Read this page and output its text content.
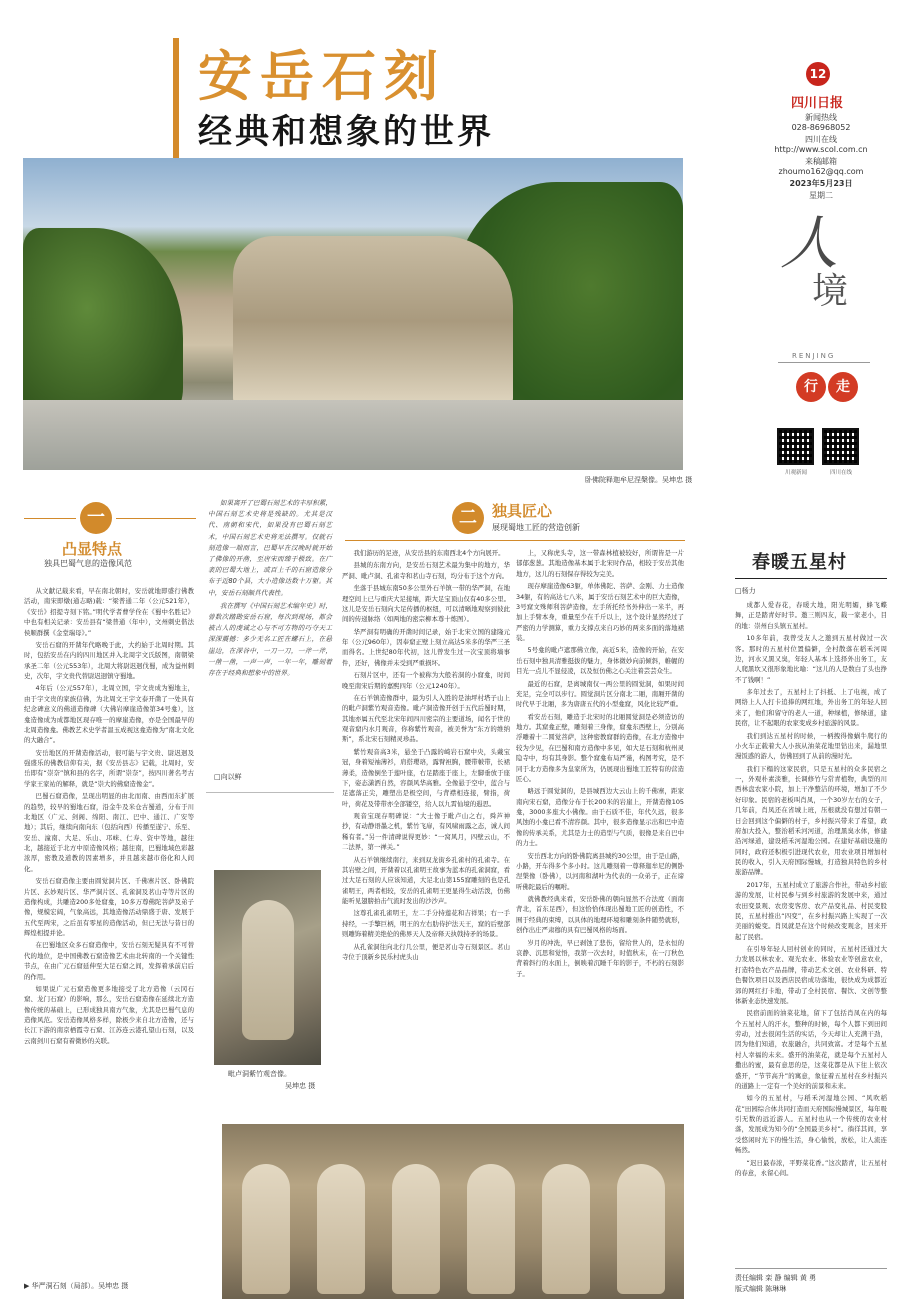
安岳石刻
经典和想象的世界
12
四川日报
新闻热线
028-86968052
四川在线
http://www.scol.com.cn
来稿邮箱
zhoumo162@qq.com
2023年5月23日
星期二
人
境
RENJING
行	走
川观新闻	四川在线
卧佛院释迦牟尼涅槃像。吴坤忠 摄
一
凸显特点
独具巴蜀气息的造像风范

从文献记载来看，早在南北朝时，安岳就地即盛行佛教活动，南宋即燉(通志略)载：“梁普通二年（公元521年），《安岳》招提寺刻下铭。”明代学者曹学佺在《蜀中名胜记》中也有相关记录：安岳县有“梁普通（年中），文州刺史偕法侯顺群撰《金堂瑞母》。”

安岳石窟的开凿年代略晚于此，大约始于北周时期。其时，包括安岳在内的四川地区并入北周宇文氏版图，南朝梁承圣二年（公元553年），北周大将尉迟迥伐蜀，成为益州刺史，次年，宇文贵代替尉迟迥镇守蜀地。

4年后（公元557年），北周立国，宇文贵成为蜀地主，由于宇文贵的家族信佛，为北周文王宇文泰开凿了一处具有纪念碑意义的佛道造像碑（大佛岩摩崖造像第34号龛），这龛造像成为成都地区现存唯一的摩崖造像，亦是全国最早的北周造像龛。佛教艺术史学者温玉成视这龛造像为“南北文化的大融合”。

安岳地区的开凿造像活动，很可能与宇文贵、尉迟迥及强盛乐的佛教信仰有关，据《安岳县志》记载，北周时，安岳即有“崇奈”镇和县的名字，所谓“崇奈”，按四川著名考古学家王家祐的解释，就是“崇大的佛窟造像金”。

巴蜀石窟造像，呈现出明显的由北而南、由西而东扩展的趋势，较早的蜀地石窟，沿金牛及米仓古蜀道，分布于川北地区（广元、剑阁、绵阳、南江、巴中、通江、广安等地）；其后，继续向南向东（包括向西）传播至遂宁、乐至、安岳、潼南、大足、乐山、邛崃、仁寿、资中等地，越往北，越接近于北方中原造像风格；越往南，巴蜀地域色彩越浓厚，密教及道教的因素增多，并且越来越市俗化和人间化。

安岳石窟造像主要由圆觉洞片区、千佛寨片区、卧佛院片区、玄妙观片区、华严洞片区、孔雀洞及茗山寺等片区的造像构成，共雕造200多处窟龛，10多万尊佛陀菩萨及弟子像，规模宏阔，气象高远，其地造像活动鼎盛于唐、发展于五代至两宋，之后虽有零星的造像活动，但已无法与昔日的辉煌相提并论。

在巴蜀地区众多石窟造像中，安岳石刻无疑具有不可替代的地位，是中国佛教石窟造像艺术由北转南的一个关键性节点，在由广元石窟延伸至大足石窟之间，发挥着承前启后的作用。

如果说广元石窟造像更多地接受了北方造像（云冈石窟、龙门石窟）的影响，那么，安岳石窟造像在延续北方造像传统的基础上，已形成独具南方气象，尤其是巴蜀气息的造像风范。安岳造像风格多样，除极少来自北方造像，还与长江下游的南京栖霞寺石窟、江苏连云港孔望山石刻，以及云南剑川石窟有着微妙的关联。

如果离开了巴蜀石刻艺术的丰厚积累，中国石刻艺术史将是残缺的。尤其是汉代、南朝和宋代，如果没有巴蜀石刻艺术，中国石刻艺术史将无法撰写。仅就石刻造像一端而言，巴蜀早在汉晚时就开始了佛像的开凿，至唐宋而臻于极致。在广袤的巴蜀大地上，或百上千的石窟造像分布于近80个县，大小造像达数十万躯。其中，安岳石刻颇具代表性。

我在撰写《中国石刻艺术编年史》时，曾数次踏勘安岳石窟，每次到现场，都会被古人的虔诚之心与不可方物的巧夺天工深深震撼：多少无名工匠在螺石上，在悬崖边，在深谷中，一刀一刀，一斧一斧，一凿一凿，一声一声，一年一年，雕刻着存在于经典和想象中的世界。

□向以鲜
毗卢洞紫竹观音像。
吴坤忠 摄
二	独具匠心
展现蜀地工匠的营造创新

我们游历的足迹，从安岳县的东南西北4个方向展开。

县城的东南方向，是安岳石刻艺术最为集中的地方，华严洞、毗卢洞、孔雀寺和茗山寺石刻，均分布于这个方向。

坐落于县城东南50多公里外石羊镇一带的华严洞，在地理空间上已与重庆大足接壤，距大足宝顶山仅有40多公里。这儿是安岳石刻向大足传播的枢纽，可以清晰地观察到彼此间的传递脉络（如两地的密宗柳本尊十炼图）。

华严洞有明确的开凿时间记录，始于北宋立国的建隆元年（公元960年），因奉窟正壁上刻立高达5米多的华严三圣而得名。上世纪80年代初，这儿曾发生过一次宝顶将墙事件，还好，佛像并未受到严重损坏。

石刻片区中，还有一个被称为大般若洞的小窟龛，时间晚至南宋后期的嘉熙四年（公元1240年）。

在石羊镇造像群中，最为引人入胜的是油坪村塔子山上的毗卢洞紫竹观音造像。毗卢洞造像开创于五代后蜀时期，其地亦属五代至北宋年间四川密宗的主要道场，闻名于世的观音窟内水月观音，你称紫竹观音，被美誉为“东方的维纳斯”，系北宋石刻精灵珍品。

紫竹观音高3米，悬坐于凸露的崎岩石窟中央，头戴宝冠，身着短袖薄衫，肩搭璎珞，露臂袒胸，腰带帔带，长裙薄柔，造像倒坐于莲叶座，右足踏座于座上，左脚垂放于座下，姿态潇洒自然，容颜风华高雅。全像悬于空中，蓝合与足遮落正尖，雕塑出是极空间，与背襟相连接，臂指，荷叶，荷花及带带亦全部镂空，给人以九霄仙境的遐思。

观音宝现存明碑说：“大士像于毗卢山之右，舜芦神抄，有动静语墨之机，紫竹飞扉，有风啸雨露之态，诚人间稀有者。”另一件清碑说得更妙：“一窝风月，四壁云山，不二法界，第一禅关。”

从石羊镇继续南行，来到双龙街乡孔雀村的孔雀寺。在其岩壁之间，开凿着以孔雀明王故事为蓝本的孔雀洞窟，看过大足石刻的人应该知道，大足北山第155窟雕刻的也是孔雀明王，两者相较，安岳的孔雀明王更显得生动活泼，仿佛能听见翅膀拍击气流时发出的沙沙声。

这尊孔雀孔雀明王，左二手分持莲花和吉祥果；右一手持经，一手擎巨柄，明王的左右肋侍护法天王，窟的后壁部则雕饰着精美绝伦的佛界天人及帝释天执戟持矛的场景。

从孔雀洞往向北行几公里，便是茗山寺石刻景区。茗山寺位于顶新乡民乐村虎头山

上，又称虎头寺，这一带森林植被较好，所谓皆是一片郁郁葱葱。其地造像基本属于北宋时作品，相较于安岳其他地方，这儿的石刻保存得较为完美。

现存摩崖造像63躯，单体佛陀、菩萨、金刚、力士造像34躯，有的高达七八米，属于安岳石刻艺术中的巨大造像，3号窟文殊师利菩萨造像，左手所托经书外伸出一米半，再加上手臂本身，重量至少在千斤以上，这个设计显然经过了严密的力学测算，重力支撑点来自巧妙的两来多面的落地裙装。

5号龛的毗卢遮那佛立像，高近5米，造像的开始，在安岳石刻中独具清雅挺拔的魅力，身体微妙向前倾斜，帷幄的目光一点儿不显侵凌，以及恒仿佛之心关注着芸芸众生。

最近的石窟，是离城南仅一两公里的圆觉洞，如果时间充足，完全可以步行。圆觉洞片区分南北二厢，南厢开凿的时代早于北厢，多为唐唐五代的小型龛窟，风化比较严重。

看安岳石刻，雕造于北宋时的北厢圆觉洞是必须造访的地方。其窟龛正壁，雕刻着三身像，窟龛东西壁上，分别高浮雕着十二圆觉菩萨，这种密教窟群的造像，在北方造像中较为少见，在巴蜀和南方造像中多见，如大足石刻和杭州灵隐寺中，均有其身影。整个窟龛布局严谨，构图考究，是不同于北方造像多为皇家所为，仍展现出蜀地工匠特有的营造匠心。

略远于圆觉洞的，是县城西边大云山上的千佛寨，距家南向宋石窟，造像分布于长200米的岩崖上，开凿造像105龛，3000多座大小佛像。由于石质不佳，年代久远，很多风蚀的小龛已看不清容颜。其中，很多造像显示出和巴中造像的传承关系，尤其是力士的造型与气质，很像是来自巴中的力士。

安岳西北方向的卧佛院离县城约30公里，由于是山路，小路，开车得多个多小时。这儿雕刻着一尊释迦牟尼的侧卧涅槃像（卧佛），以河南和湖叶为代表的一众弟子，正在谛听佛陀最后的嘱咐。

就佛教经典来看，安岳卧佛的朝向显然不合法度（面南背北，首东足西），但这恰恰体现出蜀地工匠的创造性，不囿于经典的束缚，以具体的地理环境和雕刻条件随势就形，创作出庄严肃穆的具有巴蜀风格的场面。

岁月的冲洗，早已剥蚀了悲伤，留给世人的，是永恒的哀静、沉思和觉悟，我第一次去时，时值秋末，在一汀秋色背着斜行的水面上，倒映着沉睡千年的影子，不朽的石刻影子。

▶ 华严洞石刻（局部）。吴坤忠 摄
春暖五星村
□杨力

成都人爱春花，春暖大地，阳光明媚，蜂飞蝶舞，正是踏青好时节。邀三则四友，载一家老小，目的地：崇州白头镇五星村。

10多年前，我曾受友人之邀到五星村做过一次客。那时的五星村位置偏僻，全村散落在稻禾河周边，河水又黑又臭，年轻人基本上选择外出务工，友人爬黑坎又很形象地比喻：“这儿的人是数白了头也挣不了钱啊！”

多年过去了，五星村上了抖抵、上了电视，成了网络上人人打卡追捧的网红地，外出务工的年轻人回来了，他们和留守的老人一道，种绿植，修绿道，建民宿，让不起眼的农家变成乡村旅游的风景。

我们到达五星村的时候，一柄拽得像蜗牛爬行的小火车正载着大人小孩从油菜花地里钻出来，漏地里漫饭惑的游人，仿佛回到了从前的漫时光。

我们下榻的这家民宿，只是五星村的众多民宿之一，外观朴素淡雅，长调修竹与常青植物，典型的川西林盘农家小院，加上干净整洁的环境，增加了不少好印象。民宿的老板叫肖凤，一个30岁左右的女子，几年前，肖凤还在省城上班，压根就没有想过有朝一日会回到这个偏僻的村子，乡村振兴带来了希望，政府加大投入，整治稻禾河河道，治理黑臭水体，修建沿河绿道，建设稻禾河湿地公园。在建好基础设施的同时，政府还积极引进现代农业，用农业项目增加村民的收入，引入天府国际慢城，打造独具特色的乡村旅游品牌。

2017年，五星村成立了旅游合作社，带动乡村旅游的发展，让村民参与到乡村旅游的发展中来，通过农田变景观、农房变客房、农产品变礼品、村民变股民，五星村推出“四变”，在乡村振兴路上实现了一次美丽的蜕变。肖凤就是在这个时候改变观念，回来开起了民宿。

在引导年轻人回村创业的同时，五星村还通过大力发展以林农业、观光农业、体验农业等创意农业，打造特色农产品品牌，带动艺术文创、农业科研、特色餐饮项目以及酒店民宿成功落地，很快成为成都近郊的网红打卡地，带动了全村民宿、餐饮、文创等整体新业态快速发展。

民宿前面的油菜花地，留下了包括肖凤在内的每个五星村人的汗水，整种的时候，每个人都下到田间劳动，过去很闲生活的实话，今天却让人充满干劲，因为他们知道，农旅融合，共同致富。才是每个五星村人幸福的未来。盛开的油菜花，就是每个五星村人撒出的蜜，最有意思的是，这菜花都是从下往上依次盛开，“节节高升”的寓意，象征着五星村在乡村振兴的道路上一定有一个美好的前景和未来。

如今的五星村，与稻禾河湿地公园、“风吹稻花”田园综合体共同打造而天府国际慢城景区，每年吸引无数的远近游人。五星村也从一个传统的农业村落，发展成为知今的“全国最美乡村”。徜徉其间，享受悠闲时光下的慢生活，身心愉悦，放松，让人流连畅然。

“迟日最春浓，平野菜花香。”这次踏青，让五星村的春意，永留心间。

责任编辑 栾 静 编辑 黄 勇
版式编辑 陈琳琳
